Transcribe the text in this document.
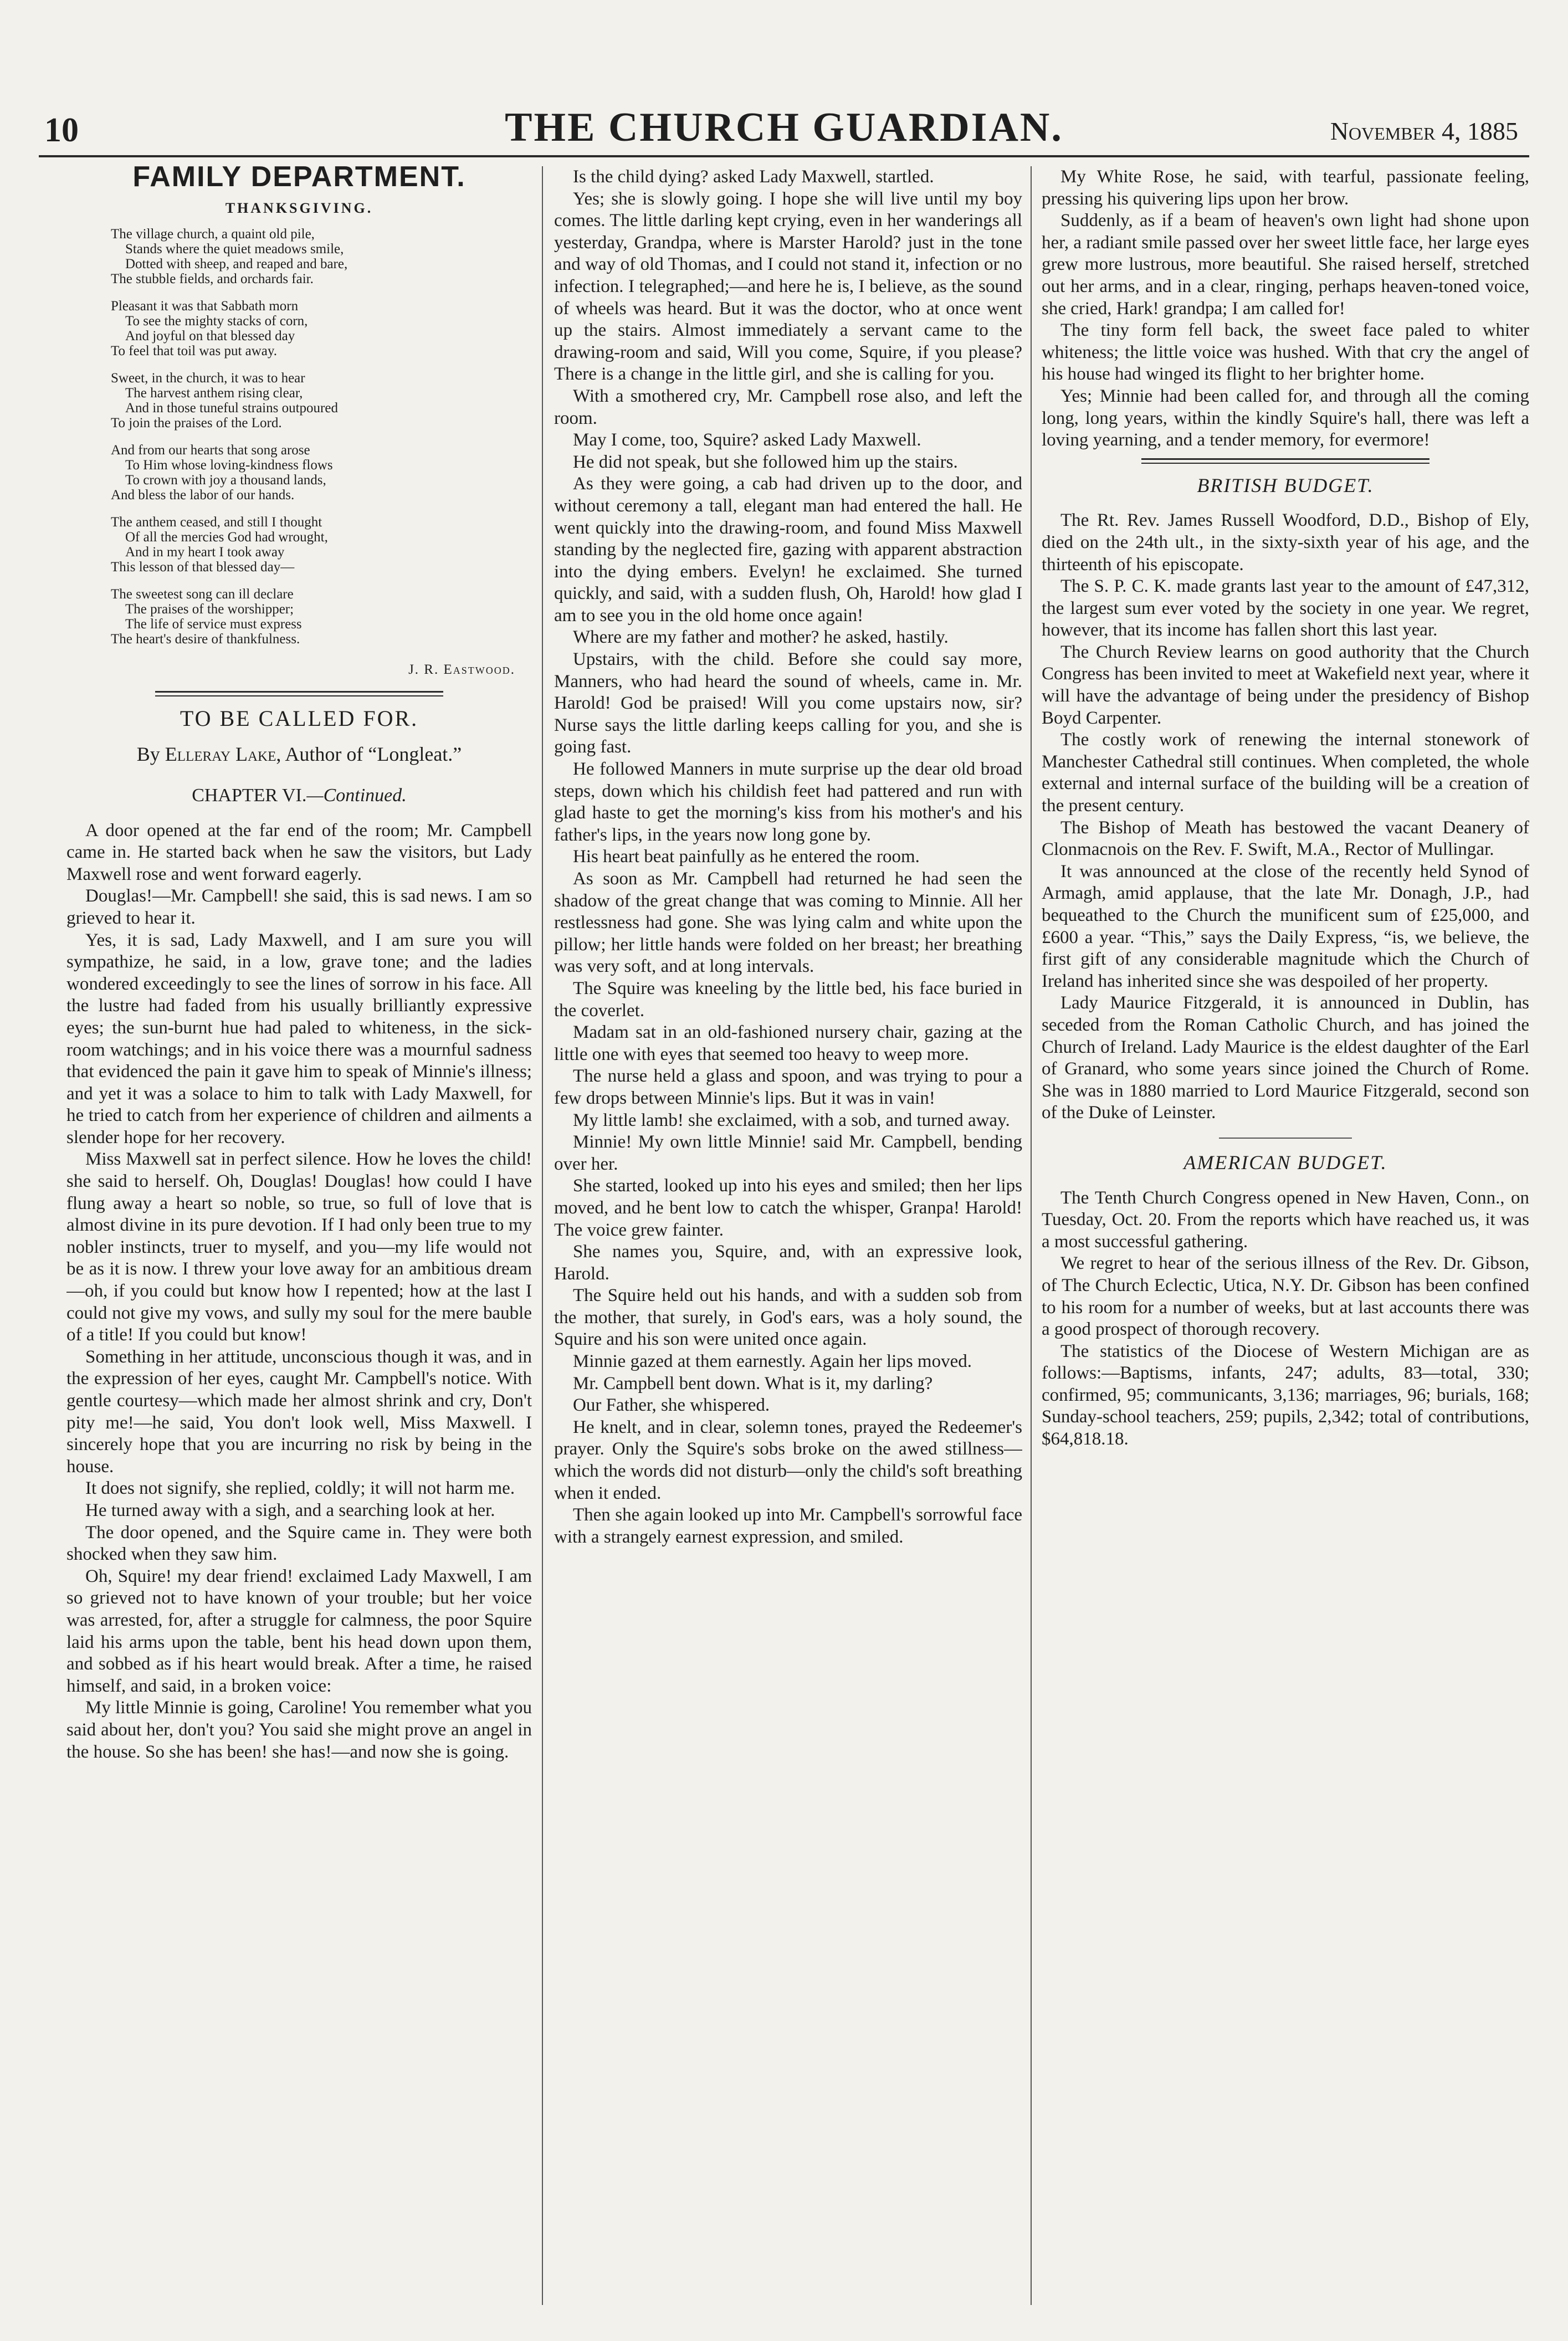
10	THE CHURCH GUARDIAN.	November 4, 1885
FAMILY DEPARTMENT.
THANKSGIVING.
The village church, a quaint old pile,
Stands where the quiet meadows smile,
Dotted with sheep, and reaped and bare,
The stubble fields, and orchards fair.
Pleasant it was that Sabbath morn
To see the mighty stacks of corn,
And joyful on that blessed day
To feel that toil was put away.
Sweet, in the church, it was to hear
The harvest anthem rising clear,
And in those tuneful strains outpoured
To join the praises of the Lord.
And from our hearts that song arose
To Him whose loving-kindness flows
To crown with joy a thousand lands,
And bless the labor of our hands.
The anthem ceased, and still I thought
Of all the mercies God had wrought,
And in my heart I took away
This lesson of that blessed day—
The sweetest song can ill declare
The praises of the worshipper;
The life of service must express
The heart's desire of thankfulness.
J. R. Eastwood.
TO BE CALLED FOR.
By Elleray Lake, Author of “Longleat.”
CHAPTER VI.—Continued.

A door opened at the far end of the room; Mr. Campbell came in. He started back when he saw the visitors, but Lady Maxwell rose and went forward eagerly.

Douglas!—Mr. Campbell! she said, this is sad news. I am so grieved to hear it.

Yes, it is sad, Lady Maxwell, and I am sure you will sympathize, he said, in a low, grave tone; and the ladies wondered exceedingly to see the lines of sorrow in his face. All the lustre had faded from his usually brilliantly expressive eyes; the sun-burnt hue had paled to whiteness, in the sick-room watchings; and in his voice there was a mournful sadness that evidenced the pain it gave him to speak of Minnie's illness; and yet it was a solace to him to talk with Lady Maxwell, for he tried to catch from her experience of children and ailments a slender hope for her recovery.

Miss Maxwell sat in perfect silence. How he loves the child! she said to herself. Oh, Douglas! Douglas! how could I have flung away a heart so noble, so true, so full of love that is almost divine in its pure devotion. If I had only been true to my nobler instincts, truer to myself, and you—my life would not be as it is now. I threw your love away for an ambitious dream—oh, if you could but know how I repented; how at the last I could not give my vows, and sully my soul for the mere bauble of a title! If you could but know!

Something in her attitude, unconscious though it was, and in the expression of her eyes, caught Mr. Campbell's notice. With gentle courtesy—which made her almost shrink and cry, Don't pity me!—he said, You don't look well, Miss Maxwell. I sincerely hope that you are incurring no risk by being in the house.

It does not signify, she replied, coldly; it will not harm me.

He turned away with a sigh, and a searching look at her.

The door opened, and the Squire came in. They were both shocked when they saw him.

Oh, Squire! my dear friend! exclaimed Lady Maxwell, I am so grieved not to have known of your trouble; but her voice was arrested, for, after a struggle for calmness, the poor Squire laid his arms upon the table, bent his head down upon them, and sobbed as if his heart would break. After a time, he raised himself, and said, in a broken voice:

My little Minnie is going, Caroline! You remember what you said about her, don't you? You said she might prove an angel in the house. So she has been! she has!—and now she is going.

Is the child dying? asked Lady Maxwell, startled.

Yes; she is slowly going. I hope she will live until my boy comes. The little darling kept crying, even in her wanderings all yesterday, Grandpa, where is Marster Harold? just in the tone and way of old Thomas, and I could not stand it, infection or no infection. I telegraphed;—and here he is, I believe, as the sound of wheels was heard. But it was the doctor, who at once went up the stairs. Almost immediately a servant came to the drawing-room and said, Will you come, Squire, if you please? There is a change in the little girl, and she is calling for you.

With a smothered cry, Mr. Campbell rose also, and left the room.

May I come, too, Squire? asked Lady Maxwell.

He did not speak, but she followed him up the stairs.

As they were going, a cab had driven up to the door, and without ceremony a tall, elegant man had entered the hall. He went quickly into the drawing-room, and found Miss Maxwell standing by the neglected fire, gazing with apparent abstraction into the dying embers. Evelyn! he exclaimed. She turned quickly, and said, with a sudden flush, Oh, Harold! how glad I am to see you in the old home once again!

Where are my father and mother? he asked, hastily.

Upstairs, with the child. Before she could say more, Manners, who had heard the sound of wheels, came in. Mr. Harold! God be praised! Will you come upstairs now, sir? Nurse says the little darling keeps calling for you, and she is going fast.

He followed Manners in mute surprise up the dear old broad steps, down which his childish feet had pattered and run with glad haste to get the morning's kiss from his mother's and his father's lips, in the years now long gone by.

His heart beat painfully as he entered the room.

As soon as Mr. Campbell had returned he had seen the shadow of the great change that was coming to Minnie. All her restlessness had gone. She was lying calm and white upon the pillow; her little hands were folded on her breast; her breathing was very soft, and at long intervals.

The Squire was kneeling by the little bed, his face buried in the coverlet.

Madam sat in an old-fashioned nursery chair, gazing at the little one with eyes that seemed too heavy to weep more.

The nurse held a glass and spoon, and was trying to pour a few drops between Minnie's lips. But it was in vain!

My little lamb! she exclaimed, with a sob, and turned away.

Minnie! My own little Minnie! said Mr. Campbell, bending over her.

She started, looked up into his eyes and smiled; then her lips moved, and he bent low to catch the whisper, Granpa! Harold! The voice grew fainter.

She names you, Squire, and, with an expressive look, Harold.

The Squire held out his hands, and with a sudden sob from the mother, that surely, in God's ears, was a holy sound, the Squire and his son were united once again.

Minnie gazed at them earnestly. Again her lips moved.

Mr. Campbell bent down. What is it, my darling?

Our Father, she whispered.

He knelt, and in clear, solemn tones, prayed the Redeemer's prayer. Only the Squire's sobs broke on the awed stillness—which the words did not disturb—only the child's soft breathing when it ended.

Then she again looked up into Mr. Campbell's sorrowful face with a strangely earnest expression, and smiled.

My White Rose, he said, with tearful, passionate feeling, pressing his quivering lips upon her brow.

Suddenly, as if a beam of heaven's own light had shone upon her, a radiant smile passed over her sweet little face, her large eyes grew more lustrous, more beautiful. She raised herself, stretched out her arms, and in a clear, ringing, perhaps heaven-toned voice, she cried, Hark! grandpa; I am called for!

The tiny form fell back, the sweet face paled to whiter whiteness; the little voice was hushed. With that cry the angel of his house had winged its flight to her brighter home.

Yes; Minnie had been called for, and through all the coming long, long years, within the kindly Squire's hall, there was left a loving yearning, and a tender memory, for evermore!

BRITISH BUDGET.

The Rt. Rev. James Russell Woodford, D.D., Bishop of Ely, died on the 24th ult., in the sixty-sixth year of his age, and the thirteenth of his episcopate.

The S. P. C. K. made grants last year to the amount of £47,312, the largest sum ever voted by the society in one year. We regret, however, that its income has fallen short this last year.

The Church Review learns on good authority that the Church Congress has been invited to meet at Wakefield next year, where it will have the advantage of being under the presidency of Bishop Boyd Carpenter.

The costly work of renewing the internal stonework of Manchester Cathedral still continues. When completed, the whole external and internal surface of the building will be a creation of the present century.

The Bishop of Meath has bestowed the vacant Deanery of Clonmacnois on the Rev. F. Swift, M.A., Rector of Mullingar.

It was announced at the close of the recently held Synod of Armagh, amid applause, that the late Mr. Donagh, J.P., had bequeathed to the Church the munificent sum of £25,000, and £600 a year. “This,” says the Daily Express, “is, we believe, the first gift of any considerable magnitude which the Church of Ireland has inherited since she was despoiled of her property.

Lady Maurice Fitzgerald, it is announced in Dublin, has seceded from the Roman Catholic Church, and has joined the Church of Ireland. Lady Maurice is the eldest daughter of the Earl of Granard, who some years since joined the Church of Rome. She was in 1880 married to Lord Maurice Fitzgerald, second son of the Duke of Leinster.

AMERICAN BUDGET.

The Tenth Church Congress opened in New Haven, Conn., on Tuesday, Oct. 20. From the reports which have reached us, it was a most successful gathering.

We regret to hear of the serious illness of the Rev. Dr. Gibson, of The Church Eclectic, Utica, N.Y. Dr. Gibson has been confined to his room for a number of weeks, but at last accounts there was a good prospect of thorough recovery.

The statistics of the Diocese of Western Michigan are as follows:—Baptisms, infants, 247; adults, 83—total, 330; confirmed, 95; communicants, 3,136; marriages, 96; burials, 168; Sunday-school teachers, 259; pupils, 2,342; total of contributions, $64,818.18.
